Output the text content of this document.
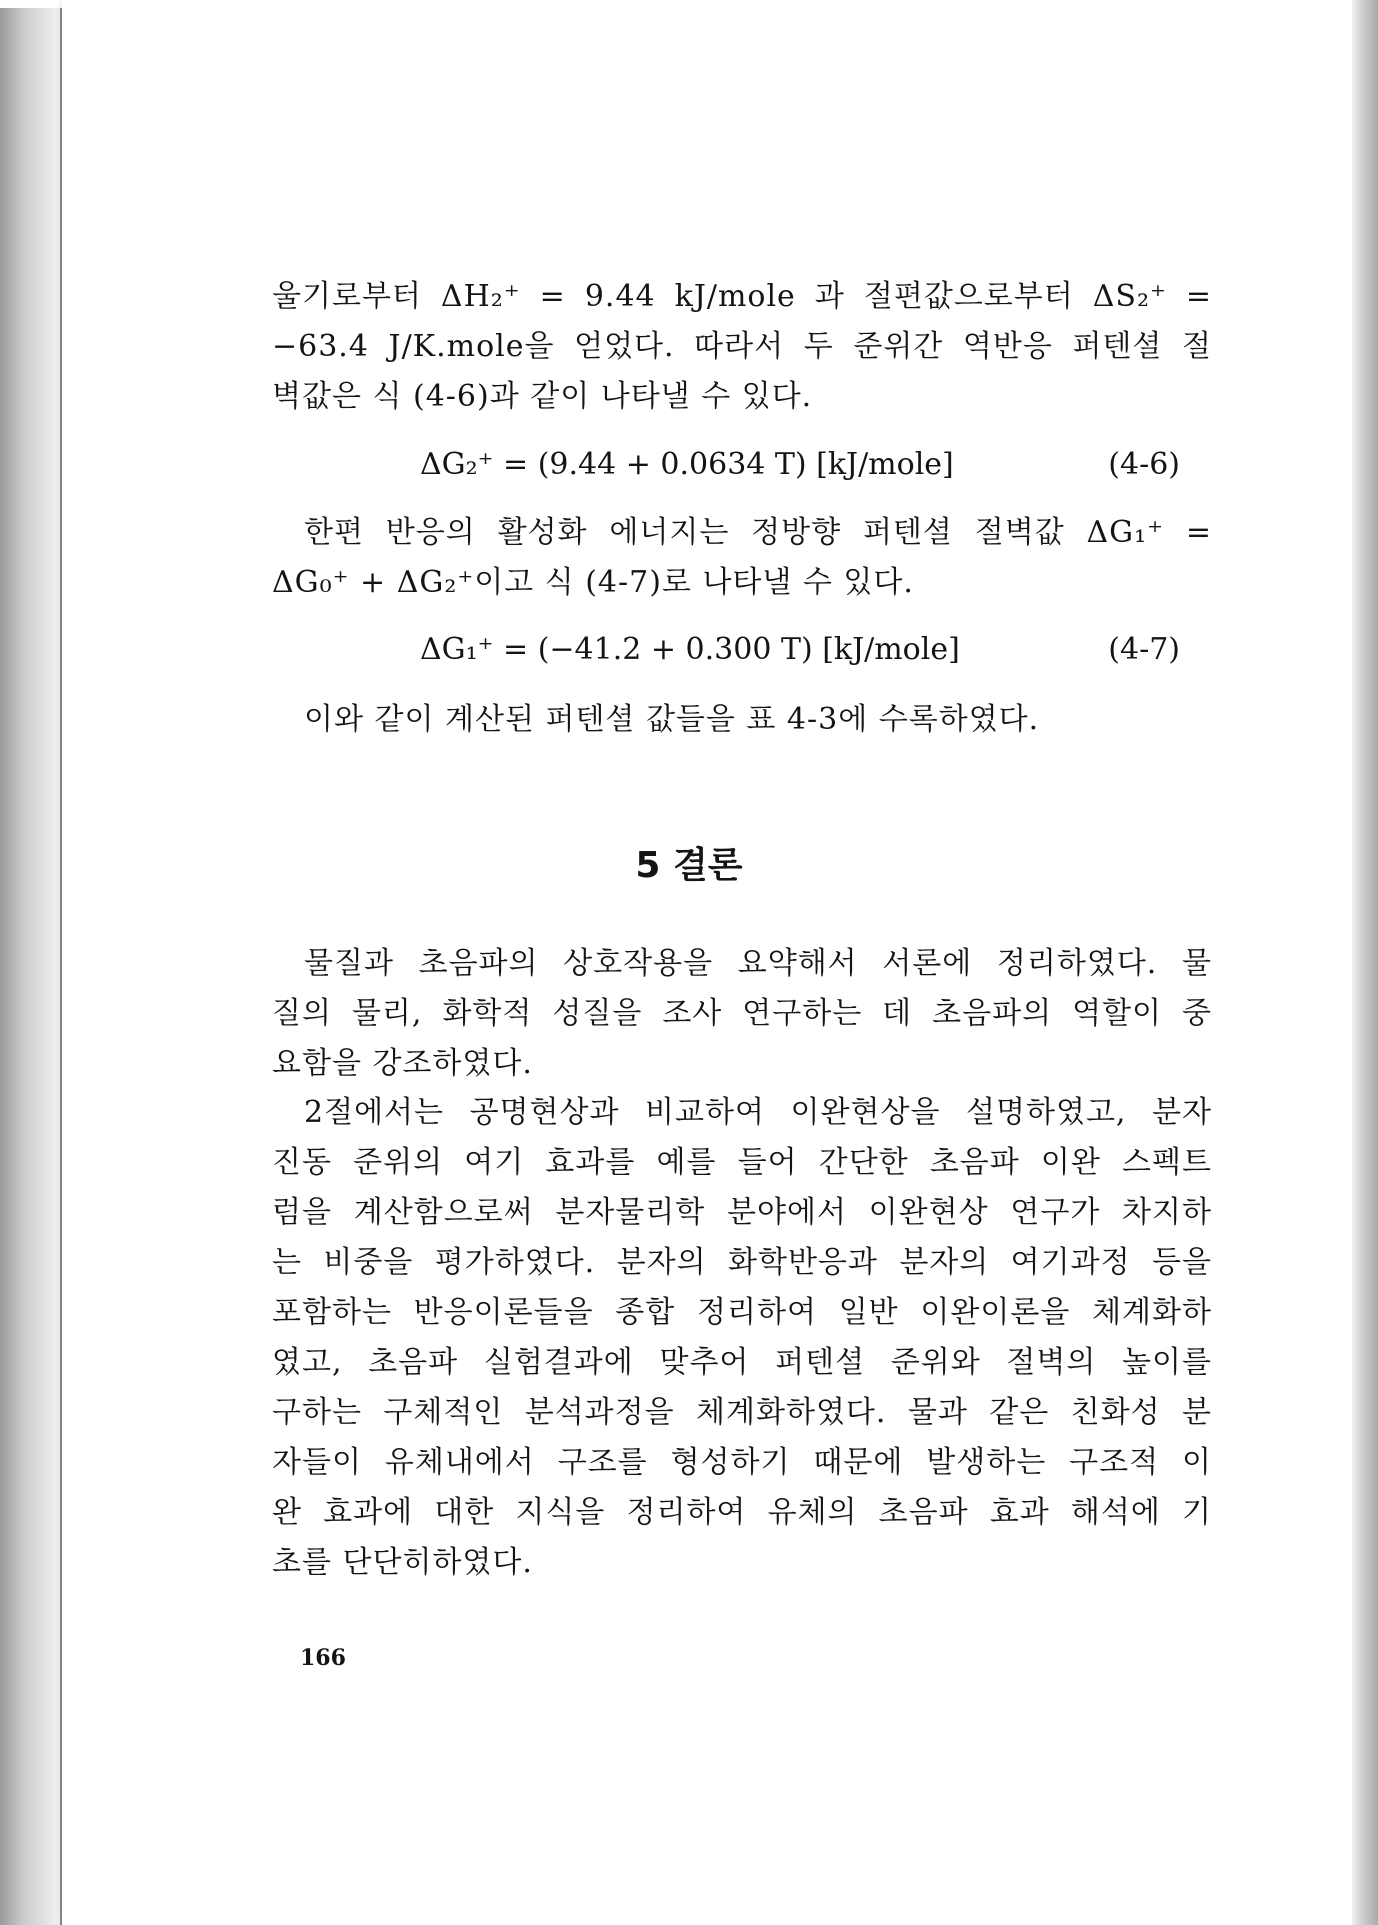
울기로부터 ΔH₂⁺ = 9.44 kJ/mole 과 절편값으로부터 ΔS₂⁺ =
−63.4 J/K.mole을 얻었다. 따라서 두 준위간 역반응 퍼텐셜 절
벽값은 식 (4-6)과 같이 나타낼 수 있다.
ΔG₂⁺ = (9.44 + 0.0634 T) [kJ/mole]	(4-6)
한편 반응의 활성화 에너지는 정방향 퍼텐셜 절벽값 ΔG₁⁺ =
ΔG₀⁺ + ΔG₂⁺이고 식 (4-7)로 나타낼 수 있다.
ΔG₁⁺ = (−41.2 + 0.300 T) [kJ/mole]	(4-7)
이와 같이 계산된 퍼텐셜 값들을 표 4-3에 수록하였다.
5 결론
물질과 초음파의 상호작용을 요약해서 서론에 정리하였다. 물
질의 물리, 화학적 성질을 조사 연구하는 데 초음파의 역할이 중
요함을 강조하였다.
2절에서는 공명현상과 비교하여 이완현상을 설명하였고, 분자
진동 준위의 여기 효과를 예를 들어 간단한 초음파 이완 스펙트
럼을 계산함으로써 분자물리학 분야에서 이완현상 연구가 차지하
는 비중을 평가하였다. 분자의 화학반응과 분자의 여기과정 등을
포함하는 반응이론들을 종합 정리하여 일반 이완이론을 체계화하
였고, 초음파 실험결과에 맞추어 퍼텐셜 준위와 절벽의 높이를
구하는 구체적인 분석과정을 체계화하였다. 물과 같은 친화성 분
자들이 유체내에서 구조를 형성하기 때문에 발생하는 구조적 이
완 효과에 대한 지식을 정리하여 유체의 초음파 효과 해석에 기
초를 단단히하였다.
166
